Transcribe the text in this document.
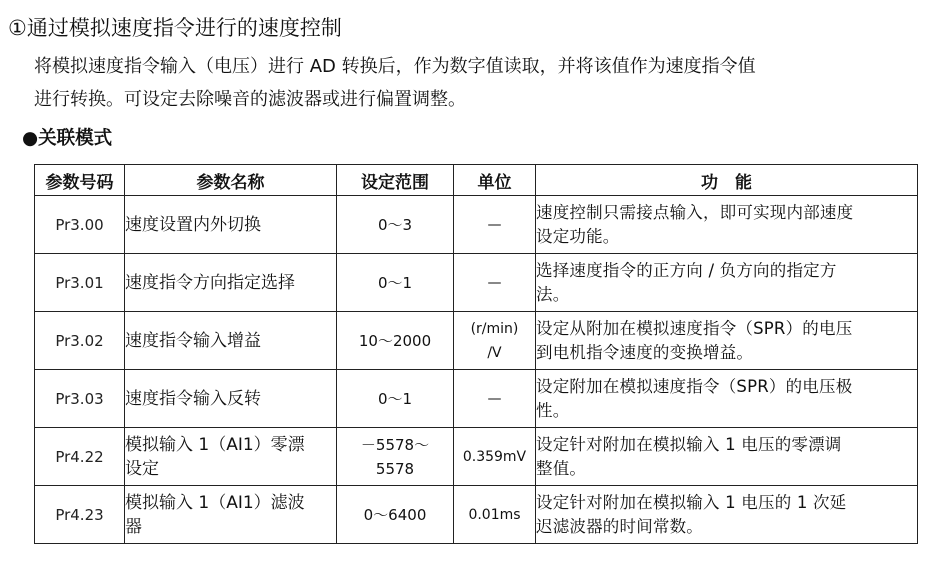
①通过模拟速度指令进行的速度控制
将模拟速度指令输入（电压）进行 AD 转换后，作为数字值读取，并将该值作为速度指令值
进行转换。可设定去除噪音的滤波器或进行偏置调整。
●关联模式
参数号码	参数名称	设定范围	单位	功　能
Pr3.00	速度设置内外切换	0〜3	—	速度控制只需接点输入，即可实现内部速度
设定功能。
Pr3.01	速度指令方向指定选择	0〜1	—	选择速度指令的正方向 / 负方向的指定方
法。
Pr3.02	速度指令输入增益	10〜2000	(r/min)
/V	设定从附加在模拟速度指令（SPR）的电压
到电机指令速度的变换增益。
Pr3.03	速度指令输入反转	0〜1	—	设定附加在模拟速度指令（SPR）的电压极
性。
Pr4.22	模拟输入 1（AI1）零漂
设定	－5578〜
5578	0.359mV	设定针对附加在模拟输入 1 电压的零漂调
整值。
Pr4.23	模拟输入 1（AI1）滤波
器	0〜6400	0.01ms	设定针对附加在模拟输入 1 电压的 1 次延
迟滤波器的时间常数。
